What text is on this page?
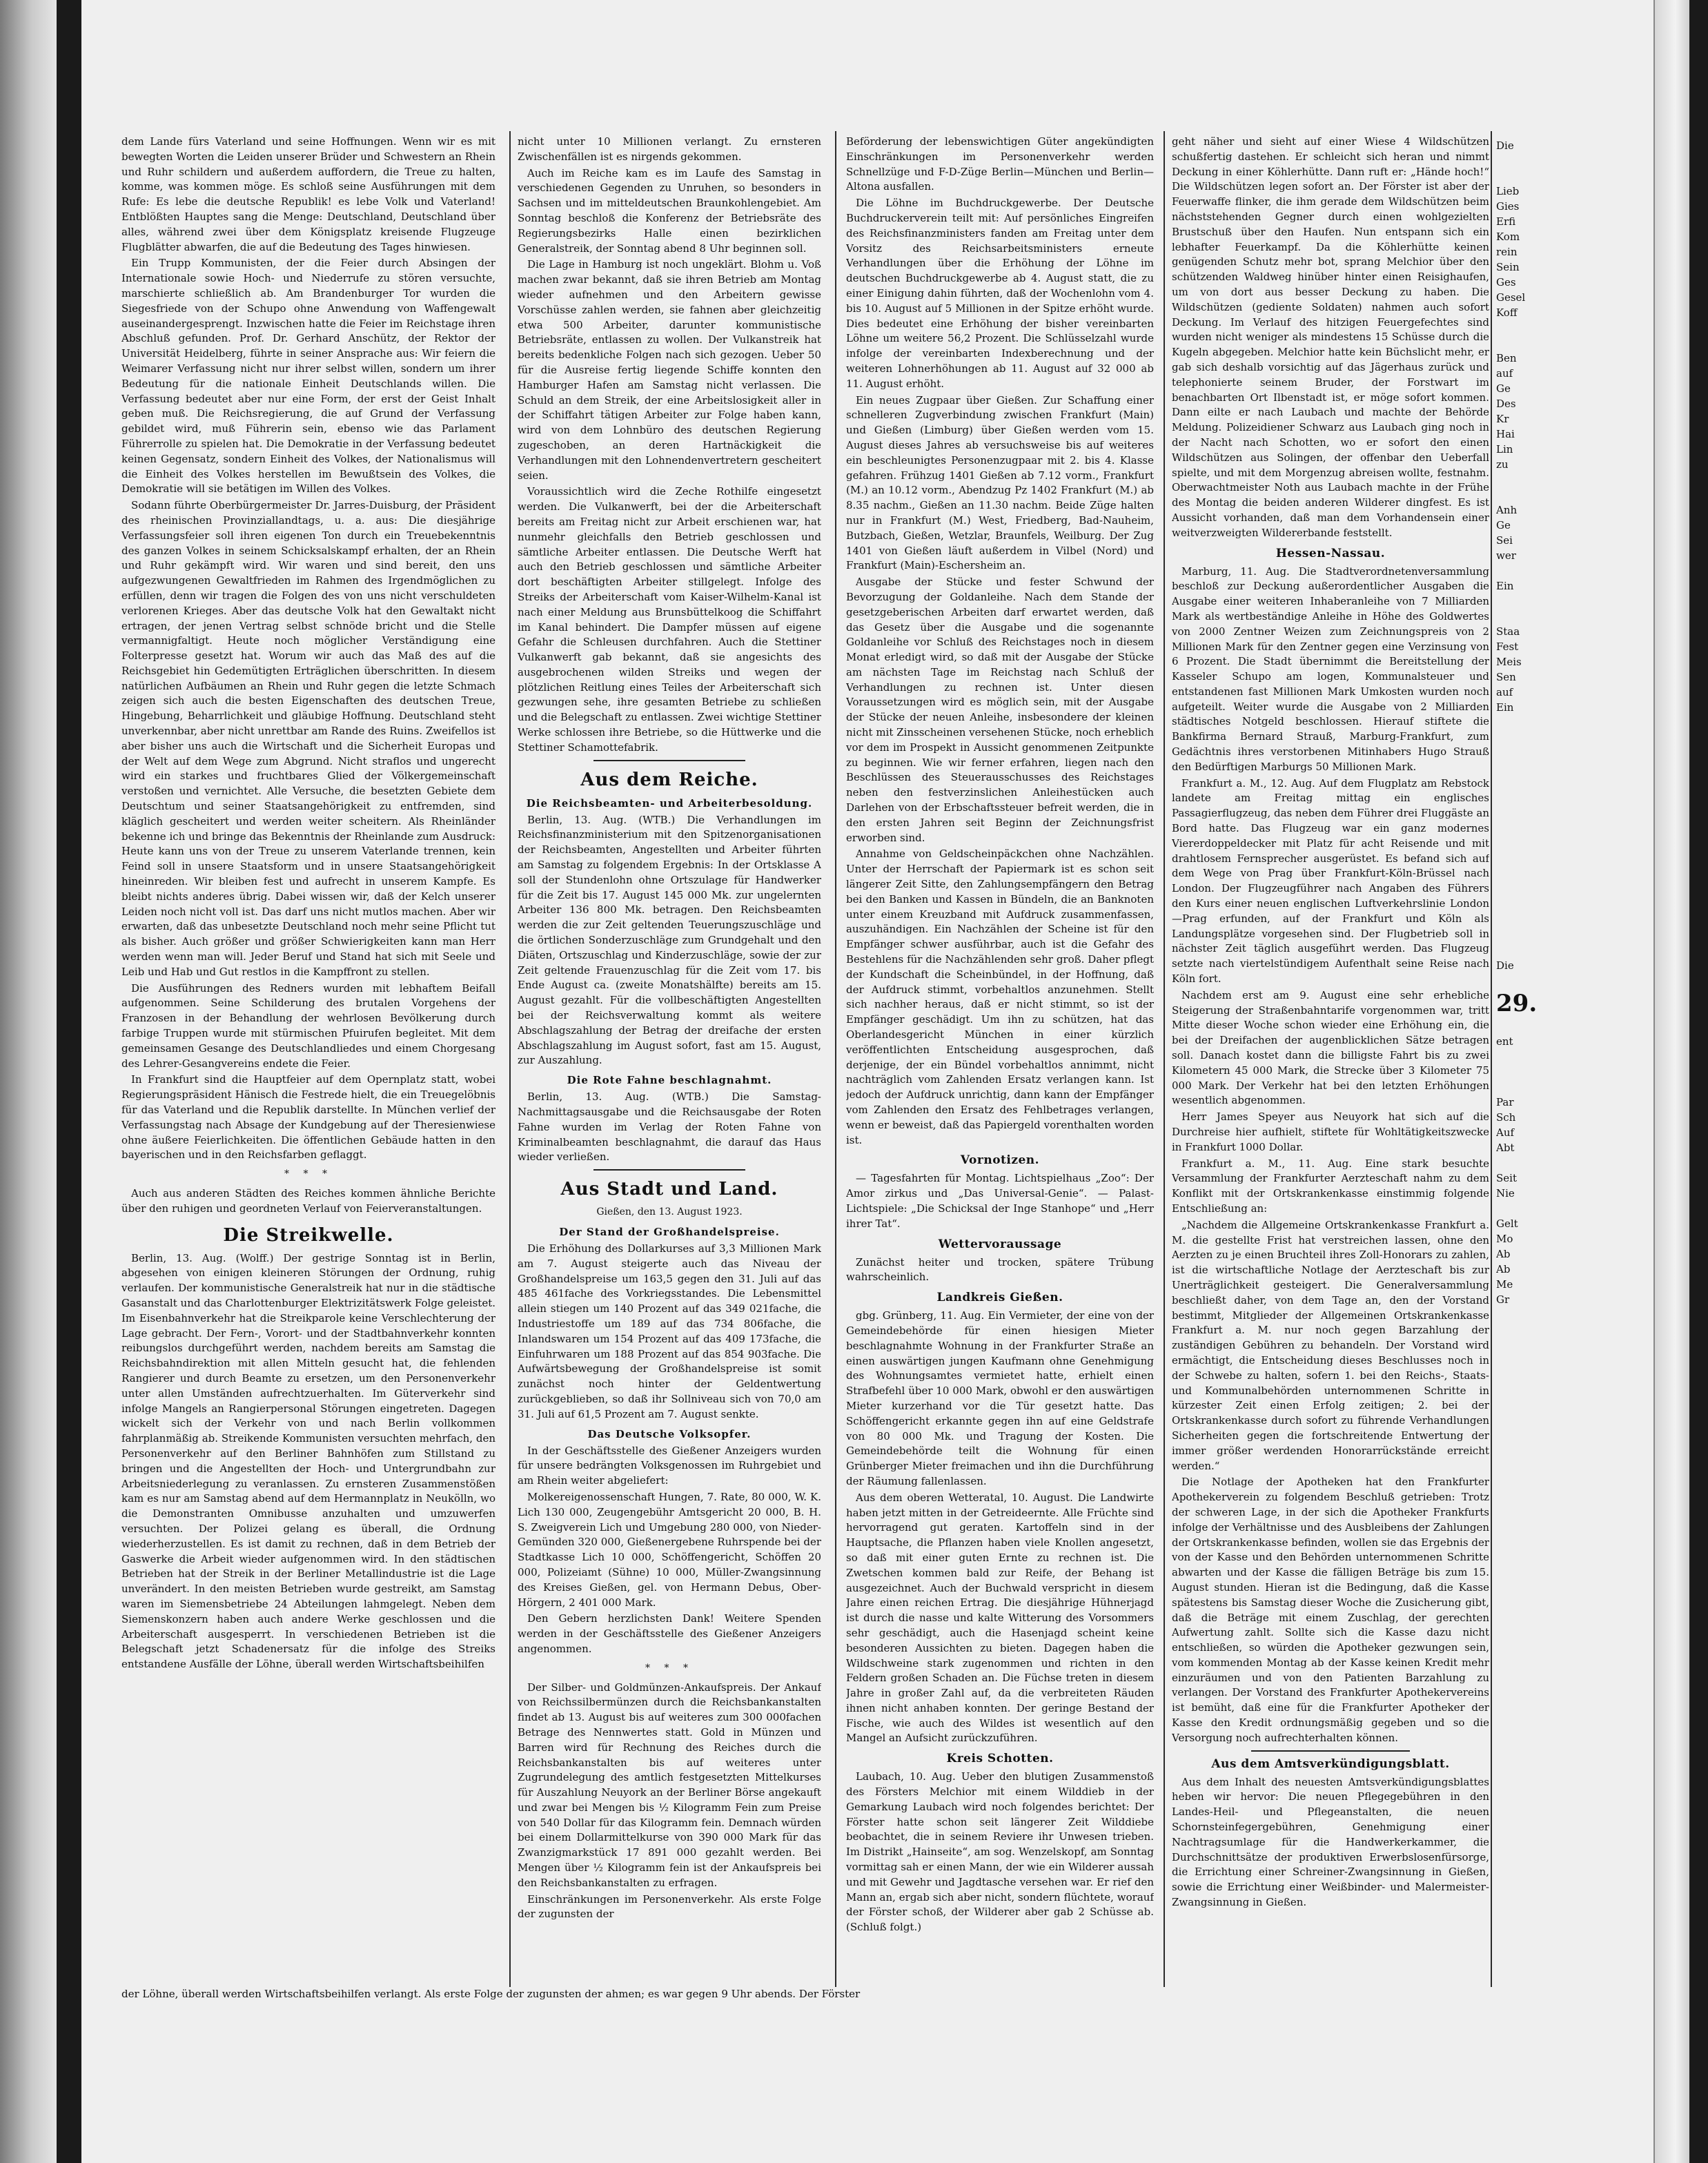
dem Lande fürs Vaterland und seine Hoffnungen. Wenn wir es mit bewegten Worten die Leiden unserer Brüder und Schwestern an Rhein und Ruhr schildern und außerdem auffordern, die Treue zu halten, komme, was kommen möge. Es schloß seine Ausführungen mit dem Rufe: Es lebe die deutsche Republik! es lebe Volk und Vaterland! Entblößten Hauptes sang die Menge: Deutschland, Deutschland über alles, während zwei über dem Königsplatz kreisende Flugzeuge Flugblätter abwarfen, die auf die Bedeutung des Tages hinwiesen.

Ein Trupp Kommunisten, der die Feier durch Absingen der Internationale sowie Hoch- und Niederrufe zu stören versuchte, marschierte schließlich ab. Am Brandenburger Tor wurden die Siegesfriede von der Schupo ohne Anwendung von Waffengewalt auseinandergesprengt. Inzwischen hatte die Feier im Reichstage ihren Abschluß gefunden. Prof. Dr. Gerhard Anschütz, der Rektor der Universität Heidelberg, führte in seiner Ansprache aus: Wir feiern die Weimarer Verfassung nicht nur ihrer selbst willen, sondern um ihrer Bedeutung für die nationale Einheit Deutschlands willen. Die Verfassung bedeutet aber nur eine Form, der erst der Geist Inhalt geben muß. Die Reichsregierung, die auf Grund der Verfassung gebildet wird, muß Führerin sein, ebenso wie das Parlament Führerrolle zu spielen hat. Die Demokratie in der Verfassung bedeutet keinen Gegensatz, sondern Einheit des Volkes, der Nationalismus will die Einheit des Volkes herstellen im Bewußtsein des Volkes, die Demokratie will sie betätigen im Willen des Volkes.

Sodann führte Oberbürgermeister Dr. Jarres-Duisburg, der Präsident des rheinischen Provinziallandtags, u. a. aus: Die diesjährige Verfassungsfeier soll ihren eigenen Ton durch ein Treuebekenntnis des ganzen Volkes in seinem Schicksalskampf erhalten, der an Rhein und Ruhr gekämpft wird. Wir waren und sind bereit, den uns aufgezwungenen Gewaltfrieden im Rahmen des Irgendmöglichen zu erfüllen, denn wir tragen die Folgen des von uns nicht verschuldeten verlorenen Krieges. Aber das deutsche Volk hat den Gewaltakt nicht ertragen, der jenen Vertrag selbst schnöde bricht und die Stelle vermannigfaltigt. Heute noch möglicher Verständigung eine Folterpresse gesetzt hat. Worum wir auch das Maß des auf die Reichsgebiet hin Gedemütigten Erträglichen überschritten. In diesem natürlichen Aufbäumen an Rhein und Ruhr gegen die letzte Schmach zeigen sich auch die besten Eigenschaften des deutschen Treue, Hingebung, Beharrlichkeit und gläubige Hoffnung. Deutschland steht unverkennbar, aber nicht unrettbar am Rande des Ruins. Zweifellos ist aber bisher uns auch die Wirtschaft und die Sicherheit Europas und der Welt auf dem Wege zum Abgrund. Nicht straflos und ungerecht wird ein starkes und fruchtbares Glied der Völkergemeinschaft verstoßen und vernichtet. Alle Versuche, die besetzten Gebiete dem Deutschtum und seiner Staatsangehörigkeit zu entfremden, sind kläglich gescheitert und werden weiter scheitern. Als Rheinländer bekenne ich und bringe das Bekenntnis der Rheinlande zum Ausdruck: Heute kann uns von der Treue zu unserem Vaterlande trennen, kein Feind soll in unsere Staatsform und in unsere Staatsangehörigkeit hineinreden. Wir bleiben fest und aufrecht in unserem Kampfe. Es bleibt nichts anderes übrig. Dabei wissen wir, daß der Kelch unserer Leiden noch nicht voll ist. Das darf uns nicht mutlos machen. Aber wir erwarten, daß das unbesetzte Deutschland noch mehr seine Pflicht tut als bisher. Auch größer und größer Schwierigkeiten kann man Herr werden wenn man will. Jeder Beruf und Stand hat sich mit Seele und Leib und Hab und Gut restlos in die Kampffront zu stellen.

Die Ausführungen des Redners wurden mit lebhaftem Beifall aufgenommen. Seine Schilderung des brutalen Vorgehens der Franzosen in der Behandlung der wehrlosen Bevölkerung durch farbige Truppen wurde mit stürmischen Pfuirufen begleitet. Mit dem gemeinsamen Gesange des Deutschlandliedes und einem Chorgesang des Lehrer-Gesangvereins endete die Feier.

In Frankfurt sind die Hauptfeier auf dem Opernplatz statt, wobei Regierungspräsident Hänisch die Festrede hielt, die ein Treuegelöbnis für das Vaterland und die Republik darstellte. In München verlief der Verfassungstag nach Absage der Kundgebung auf der Theresienwiese ohne äußere Feierlichkeiten. Die öffentlichen Gebäude hatten in den bayerischen und in den Reichsfarben geflaggt.

* * *

Auch aus anderen Städten des Reiches kommen ähnliche Berichte über den ruhigen und geordneten Verlauf von Feierveranstaltungen.

Die Streikwelle.

Berlin, 13. Aug. (Wolff.) Der gestrige Sonntag ist in Berlin, abgesehen von einigen kleineren Störungen der Ordnung, ruhig verlaufen. Der kommunistische Generalstreik hat nur in die städtische Gasanstalt und das Charlottenburger Elektrizitätswerk Folge geleistet. Im Eisenbahnverkehr hat die Streikparole keine Verschlechterung der Lage gebracht. Der Fern-, Vorort- und der Stadtbahnverkehr konnten reibungslos durchgeführt werden, nachdem bereits am Samstag die Reichsbahndirektion mit allen Mitteln gesucht hat, die fehlenden Rangierer und durch Beamte zu ersetzen, um den Personenverkehr unter allen Umständen aufrechtzuerhalten. Im Güterverkehr sind infolge Mangels an Rangierpersonal Störungen eingetreten. Dagegen wickelt sich der Verkehr von und nach Berlin vollkommen fahrplanmäßig ab. Streikende Kommunisten versuchten mehrfach, den Personenverkehr auf den Berliner Bahnhöfen zum Stillstand zu bringen und die Angestellten der Hoch- und Untergrundbahn zur Arbeitsniederlegung zu veranlassen. Zu ernsteren Zusammenstößen kam es nur am Samstag abend auf dem Hermannplatz in Neukölln, wo die Demonstranten Omnibusse anzuhalten und umzuwerfen versuchten. Der Polizei gelang es überall, die Ordnung wiederherzustellen. Es ist damit zu rechnen, daß in dem Betrieb der Gaswerke die Arbeit wieder aufgenommen wird. In den städtischen Betrieben hat der Streik in der Berliner Metallindustrie ist die Lage unverändert. In den meisten Betrieben wurde gestreikt, am Samstag waren im Siemensbetriebe 24 Abteilungen lahmgelegt. Neben dem Siemenskonzern haben auch andere Werke geschlossen und die Arbeiterschaft ausgesperrt. In verschiedenen Betrieben ist die Belegschaft jetzt Schadenersatz für die infolge des Streiks entstandene Ausfälle der Löhne, überall werden Wirtschaftsbeihilfen

nicht unter 10 Millionen verlangt. Zu ernsteren Zwischenfällen ist es nirgends gekommen.

Auch im Reiche kam es im Laufe des Samstag in verschiedenen Gegenden zu Unruhen, so besonders in Sachsen und im mitteldeutschen Braunkohlengebiet. Am Sonntag beschloß die Konferenz der Betriebsräte des Regierungsbezirks Halle einen bezirklichen Generalstreik, der Sonntag abend 8 Uhr beginnen soll.

Die Lage in Hamburg ist noch ungeklärt. Blohm u. Voß machen zwar bekannt, daß sie ihren Betrieb am Montag wieder aufnehmen und den Arbeitern gewisse Vorschüsse zahlen werden, sie fahnen aber gleichzeitig etwa 500 Arbeiter, darunter kommunistische Betriebsräte, entlassen zu wollen. Der Vulkanstreik hat bereits bedenkliche Folgen nach sich gezogen. Ueber 50 für die Ausreise fertig liegende Schiffe konnten den Hamburger Hafen am Samstag nicht verlassen. Die Schuld an dem Streik, der eine Arbeitslosigkeit aller in der Schiffahrt tätigen Arbeiter zur Folge haben kann, wird von dem Lohnbüro des deutschen Regierung zugeschoben, an deren Hartnäckigkeit die Verhandlungen mit den Lohnendenvertretern gescheitert seien.

Voraussichtlich wird die Zeche Rothilfe eingesetzt werden. Die Vulkanwerft, bei der die Arbeiterschaft bereits am Freitag nicht zur Arbeit erschienen war, hat nunmehr gleichfalls den Betrieb geschlossen und sämtliche Arbeiter entlassen. Die Deutsche Werft hat auch den Betrieb geschlossen und sämtliche Arbeiter dort beschäftigten Arbeiter stillgelegt. Infolge des Streiks der Arbeiterschaft vom Kaiser-Wilhelm-Kanal ist nach einer Meldung aus Brunsbüttelkoog die Schiffahrt im Kanal behindert. Die Dampfer müssen auf eigene Gefahr die Schleusen durchfahren. Auch die Stettiner Vulkanwerft gab bekannt, daß sie angesichts des ausgebrochenen wilden Streiks und wegen der plötzlichen Reitlung eines Teiles der Arbeiterschaft sich gezwungen sehe, ihre gesamten Betriebe zu schließen und die Belegschaft zu entlassen. Zwei wichtige Stettiner Werke schlossen ihre Betriebe, so die Hüttwerke und die Stettiner Schamottefabrik.

Aus dem Reiche.
Die Reichsbeamten- und Arbeiterbesoldung.

Berlin, 13. Aug. (WTB.) Die Verhandlungen im Reichsfinanzministerium mit den Spitzenorganisationen der Reichsbeamten, Angestellten und Arbeiter führten am Samstag zu folgendem Ergebnis: In der Ortsklasse A soll der Stundenlohn ohne Ortszulage für Handwerker für die Zeit bis 17. August 145 000 Mk. zur ungelernten Arbeiter 136 800 Mk. betragen. Den Reichsbeamten werden die zur Zeit geltenden Teuerungszuschläge und die örtlichen Sonderzuschläge zum Grundgehalt und den Diäten, Ortszuschlag und Kinderzuschläge, sowie der zur Zeit geltende Frauenzuschlag für die Zeit vom 17. bis Ende August ca. (zweite Monatshälfte) bereits am 15. August gezahlt. Für die vollbeschäftigten Angestellten bei der Reichsverwaltung kommt als weitere Abschlagszahlung der Betrag der dreifache der ersten Abschlagszahlung im August sofort, fast am 15. August, zur Auszahlung.

Die Rote Fahne beschlagnahmt.

Berlin, 13. Aug. (WTB.) Die Samstag-Nachmittagsausgabe und die Reichsausgabe der Roten Fahne wurden im Verlag der Roten Fahne von Kriminalbeamten beschlagnahmt, die darauf das Haus wieder verließen.

Aus Stadt und Land.
Gießen, den 13. August 1923.
Der Stand der Großhandelspreise.

Die Erhöhung des Dollarkurses auf 3,3 Millionen Mark am 7. August steigerte auch das Niveau der Großhandelspreise um 163,5 gegen den 31. Juli auf das 485 461fache des Vorkriegsstandes. Die Lebensmittel allein stiegen um 140 Prozent auf das 349 021fache, die Industriestoffe um 189 auf das 734 806fache, die Inlandswaren um 154 Prozent auf das 409 173fache, die Einfuhrwaren um 188 Prozent auf das 854 903fache. Die Aufwärtsbewegung der Großhandelspreise ist somit zunächst noch hinter der Geldentwertung zurückgeblieben, so daß ihr Sollniveau sich von 70,0 am 31. Juli auf 61,5 Prozent am 7. August senkte.

Das Deutsche Volksopfer.

In der Geschäftsstelle des Gießener Anzeigers wurden für unsere bedrängten Volksgenossen im Ruhrgebiet und am Rhein weiter abgeliefert:

Molkereigenossenschaft Hungen, 7. Rate, 80 000, W. K. Lich 130 000, Zeugengebühr Amtsgericht 20 000, B. H. S. Zweigverein Lich und Umgebung 280 000, von Nieder-Gemünden 320 000, Gießenergebene Ruhrspende bei der Stadtkasse Lich 10 000, Schöffengericht, Schöffen 20 000, Polizeiamt (Sühne) 10 000, Müller-Zwangsinnung des Kreises Gießen, gel. von Hermann Debus, Ober-Hörgern, 2 401 000 Mark.

Den Gebern herzlichsten Dank! Weitere Spenden werden in der Geschäftsstelle des Gießener Anzeigers angenommen.

* * *

Der Silber- und Goldmünzen-Ankaufspreis. Der Ankauf von Reichssilbermünzen durch die Reichsbankanstalten findet ab 13. August bis auf weiteres zum 300 000fachen Betrage des Nennwertes statt. Gold in Münzen und Barren wird für Rechnung des Reiches durch die Reichsbankanstalten bis auf weiteres unter Zugrundelegung des amtlich festgesetzten Mittelkurses für Auszahlung Neuyork an der Berliner Börse angekauft und zwar bei Mengen bis ½ Kilogramm Fein zum Preise von 540 Dollar für das Kilogramm fein. Demnach würden bei einem Dollarmittelkurse von 390 000 Mark für das Zwanzigmarkstück 17 891 000 gezahlt werden. Bei Mengen über ½ Kilogramm fein ist der Ankaufspreis bei den Reichsbankanstalten zu erfragen.

Einschränkungen im Personenverkehr. Als erste Folge der zugunsten der

Beförderung der lebenswichtigen Güter angekündigten Einschränkungen im Personenverkehr werden Schnellzüge und F-D-Züge Berlin—München und Berlin—Altona ausfallen.

Die Löhne im Buchdruckgewerbe. Der Deutsche Buchdruckerverein teilt mit: Auf persönliches Eingreifen des Reichsfinanzministers fanden am Freitag unter dem Vorsitz des Reichsarbeitsministers erneute Verhandlungen über die Erhöhung der Löhne im deutschen Buchdruckgewerbe ab 4. August statt, die zu einer Einigung dahin führten, daß der Wochenlohn vom 4. bis 10. August auf 5 Millionen in der Spitze erhöht wurde. Dies bedeutet eine Erhöhung der bisher vereinbarten Löhne um weitere 56,2 Prozent. Die Schlüsselzahl wurde infolge der vereinbarten Indexberechnung und der weiteren Lohnerhöhungen ab 11. August auf 32 000 ab 11. August erhöht.

Ein neues Zugpaar über Gießen. Zur Schaffung einer schnelleren Zugverbindung zwischen Frankfurt (Main) und Gießen (Limburg) über Gießen werden vom 15. August dieses Jahres ab versuchsweise bis auf weiteres ein beschleunigtes Personenzugpaar mit 2. bis 4. Klasse gefahren. Frühzug 1401 Gießen ab 7.12 vorm., Frankfurt (M.) an 10.12 vorm., Abendzug Pz 1402 Frankfurt (M.) ab 8.35 nachm., Gießen an 11.30 nachm. Beide Züge halten nur in Frankfurt (M.) West, Friedberg, Bad-Nauheim, Butzbach, Gießen, Wetzlar, Braunfels, Weilburg. Der Zug 1401 von Gießen läuft außerdem in Vilbel (Nord) und Frankfurt (Main)-Eschersheim an.

Ausgabe der Stücke und fester Schwund der Bevorzugung der Goldanleihe. Nach dem Stande der gesetzgeberischen Arbeiten darf erwartet werden, daß das Gesetz über die Ausgabe und die sogenannte Goldanleihe vor Schluß des Reichstages noch in diesem Monat erledigt wird, so daß mit der Ausgabe der Stücke am nächsten Tage im Reichstag nach Schluß der Verhandlungen zu rechnen ist. Unter diesen Voraussetzungen wird es möglich sein, mit der Ausgabe der Stücke der neuen Anleihe, insbesondere der kleinen nicht mit Zinsscheinen versehenen Stücke, noch erheblich vor dem im Prospekt in Aussicht genommenen Zeitpunkte zu beginnen. Wie wir ferner erfahren, liegen nach den Beschlüssen des Steuerausschusses des Reichstages neben den festverzinslichen Anleihestücken auch Darlehen von der Erbschaftssteuer befreit werden, die in den ersten Jahren seit Beginn der Zeichnungsfrist erworben sind.

Annahme von Geldscheinpäckchen ohne Nachzählen. Unter der Herrschaft der Papiermark ist es schon seit längerer Zeit Sitte, den Zahlungsempfängern den Betrag bei den Banken und Kassen in Bündeln, die an Banknoten unter einem Kreuzband mit Aufdruck zusammenfassen, auszuhändigen. Ein Nachzählen der Scheine ist für den Empfänger schwer ausführbar, auch ist die Gefahr des Bestehlens für die Nachzählenden sehr groß. Daher pflegt der Kundschaft die Scheinbündel, in der Hoffnung, daß der Aufdruck stimmt, vorbehaltlos anzunehmen. Stellt sich nachher heraus, daß er nicht stimmt, so ist der Empfänger geschädigt. Um ihn zu schützen, hat das Oberlandesgericht München in einer kürzlich veröffentlichten Entscheidung ausgesprochen, daß derjenige, der ein Bündel vorbehaltlos annimmt, nicht nachträglich vom Zahlenden Ersatz verlangen kann. Ist jedoch der Aufdruck unrichtig, dann kann der Empfänger vom Zahlenden den Ersatz des Fehlbetrages verlangen, wenn er beweist, daß das Papiergeld vorenthalten worden ist.

Vornotizen.

— Tagesfahrten für Montag. Lichtspielhaus „Zoo“: Der Amor zirkus und „Das Universal-Genie“. — Palast-Lichtspiele: „Die Schicksal der Inge Stanhope“ und „Herr ihrer Tat“.

Wettervoraussage

Zunächst heiter und trocken, spätere Trübung wahrscheinlich.

Landkreis Gießen.

gbg. Grünberg, 11. Aug. Ein Vermieter, der eine von der Gemeindebehörde für einen hiesigen Mieter beschlagnahmte Wohnung in der Frankfurter Straße an einen auswärtigen jungen Kaufmann ohne Genehmigung des Wohnungsamtes vermietet hatte, erhielt einen Strafbefehl über 10 000 Mark, obwohl er den auswärtigen Mieter kurzerhand vor die Tür gesetzt hatte. Das Schöffengericht erkannte gegen ihn auf eine Geldstrafe von 80 000 Mk. und Tragung der Kosten. Die Gemeindebehörde teilt die Wohnung für einen Grünberger Mieter freimachen und ihn die Durchführung der Räumung fallenlassen.

Aus dem oberen Wetteratal, 10. August. Die Landwirte haben jetzt mitten in der Getreideernte. Alle Früchte sind hervorragend gut geraten. Kartoffeln sind in der Hauptsache, die Pflanzen haben viele Knollen angesetzt, so daß mit einer guten Ernte zu rechnen ist. Die Zwetschen kommen bald zur Reife, der Behang ist ausgezeichnet. Auch der Buchwald verspricht in diesem Jahre einen reichen Ertrag. Die diesjährige Hühnerjagd ist durch die nasse und kalte Witterung des Vorsommers sehr geschädigt, auch die Hasenjagd scheint keine besonderen Aussichten zu bieten. Dagegen haben die Wildschweine stark zugenommen und richten in den Feldern großen Schaden an. Die Füchse treten in diesem Jahre in großer Zahl auf, da die verbreiteten Räuden ihnen nicht anhaben konnten. Der geringe Bestand der Fische, wie auch des Wildes ist wesentlich auf den Mangel an Aufsicht zurückzuführen.

Kreis Schotten.

Laubach, 10. Aug. Ueber den blutigen Zusammenstoß des Försters Melchior mit einem Wilddieb in der Gemarkung Laubach wird noch folgendes berichtet: Der Förster hatte schon seit längerer Zeit Wilddiebe beobachtet, die in seinem Reviere ihr Unwesen trieben. Im Distrikt „Hainseite“, am sog. Wenzelskopf, am Sonntag vormittag sah er einen Mann, der wie ein Wilderer aussah und mit Gewehr und Jagdtasche versehen war. Er rief den Mann an, ergab sich aber nicht, sondern flüchtete, worauf der Förster schoß, der Wilderer aber gab 2 Schüsse ab. (Schluß folgt.)

geht näher und sieht auf einer Wiese 4 Wildschützen schußfertig dastehen. Er schleicht sich heran und nimmt Deckung in einer Köhlerhütte. Dann ruft er: „Hände hoch!“ Die Wildschützen legen sofort an. Der Förster ist aber der Feuerwaffe flinker, die ihm gerade dem Wildschützen beim nächststehenden Gegner durch einen wohlgezielten Brustschuß über den Haufen. Nun entspann sich ein lebhafter Feuerkampf. Da die Köhlerhütte keinen genügenden Schutz mehr bot, sprang Melchior über den schützenden Waldweg hinüber hinter einen Reisighaufen, um von dort aus besser Deckung zu haben. Die Wildschützen (gediente Soldaten) nahmen auch sofort Deckung. Im Verlauf des hitzigen Feuergefechtes sind wurden nicht weniger als mindestens 15 Schüsse durch die Kugeln abgegeben. Melchior hatte kein Büchslicht mehr, er gab sich deshalb vorsichtig auf das Jägerhaus zurück und telephonierte seinem Bruder, der Forstwart im benachbarten Ort Ilbenstadt ist, er möge sofort kommen. Dann eilte er nach Laubach und machte der Behörde Meldung. Polizeidiener Schwarz aus Laubach ging noch in der Nacht nach Schotten, wo er sofort den einen Wildschützen aus Solingen, der offenbar den Ueberfall spielte, und mit dem Morgenzug abreisen wollte, festnahm. Oberwachtmeister Noth aus Laubach machte in der Frühe des Montag die beiden anderen Wilderer dingfest. Es ist Aussicht vorhanden, daß man dem Vorhandensein einer weitverzweigten Wildererbande feststellt.

Hessen-Nassau.

Marburg, 11. Aug. Die Stadtverordnetenversammlung beschloß zur Deckung außerordentlicher Ausgaben die Ausgabe einer weiteren Inhaberanleihe von 7 Milliarden Mark als wertbeständige Anleihe in Höhe des Goldwertes von 2000 Zentner Weizen zum Zeichnungspreis von 2 Millionen Mark für den Zentner gegen eine Verzinsung von 6 Prozent. Die Stadt übernimmt die Bereitstellung der Kasseler Schupo am logen, Kommunalsteuer und entstandenen fast Millionen Mark Umkosten wurden noch aufgeteilt. Weiter wurde die Ausgabe von 2 Milliarden städtisches Notgeld beschlossen. Hierauf stiftete die Bankfirma Bernard Strauß, Marburg-Frankfurt, zum Gedächtnis ihres verstorbenen Mitinhabers Hugo Strauß den Bedürftigen Marburgs 50 Millionen Mark.

Frankfurt a. M., 12. Aug. Auf dem Flugplatz am Rebstock landete am Freitag mittag ein englisches Passagierflugzeug, das neben dem Führer drei Fluggäste an Bord hatte. Das Flugzeug war ein ganz modernes Viererdoppeldecker mit Platz für acht Reisende und mit drahtlosem Fernsprecher ausgerüstet. Es befand sich auf dem Wege von Prag über Frankfurt-Köln-Brüssel nach London. Der Flugzeugführer nach Angaben des Führers den Kurs einer neuen englischen Luftverkehrslinie London—Prag erfunden, auf der Frankfurt und Köln als Landungsplätze vorgesehen sind. Der Flugbetrieb soll in nächster Zeit täglich ausgeführt werden. Das Flugzeug setzte nach viertelstündigem Aufenthalt seine Reise nach Köln fort.

Nachdem erst am 9. August eine sehr erhebliche Steigerung der Straßenbahntarife vorgenommen war, tritt Mitte dieser Woche schon wieder eine Erhöhung ein, die bei der Dreifachen der augenblicklichen Sätze betragen soll. Danach kostet dann die billigste Fahrt bis zu zwei Kilometern 45 000 Mark, die Strecke über 3 Kilometer 75 000 Mark. Der Verkehr hat bei den letzten Erhöhungen wesentlich abgenommen.

Herr James Speyer aus Neuyork hat sich auf die Durchreise hier aufhielt, stiftete für Wohltätigkeitszwecke in Frankfurt 1000 Dollar.

Frankfurt a. M., 11. Aug. Eine stark besuchte Versammlung der Frankfurter Aerzteschaft nahm zu dem Konflikt mit der Ortskrankenkasse einstimmig folgende Entschließung an:

„Nachdem die Allgemeine Ortskrankenkasse Frankfurt a. M. die gestellte Frist hat verstreichen lassen, ohne den Aerzten zu je einen Bruchteil ihres Zoll-Honorars zu zahlen, ist die wirtschaftliche Notlage der Aerzteschaft bis zur Unerträglichkeit gesteigert. Die Generalversammlung beschließt daher, von dem Tage an, den der Vorstand bestimmt, Mitglieder der Allgemeinen Ortskrankenkasse Frankfurt a. M. nur noch gegen Barzahlung der zuständigen Gebühren zu behandeln. Der Vorstand wird ermächtigt, die Entscheidung dieses Beschlusses noch in der Schwebe zu halten, sofern 1. bei den Reichs-, Staats- und Kommunalbehörden unternommenen Schritte in kürzester Zeit einen Erfolg zeitigen; 2. bei der Ortskrankenkasse durch sofort zu führende Verhandlungen Sicherheiten gegen die fortschreitende Entwertung der immer größer werdenden Honorarrückstände erreicht werden.“

Die Notlage der Apotheken hat den Frankfurter Apothekerverein zu folgendem Beschluß getrieben: Trotz der schweren Lage, in der sich die Apotheker Frankfurts infolge der Verhältnisse und des Ausbleibens der Zahlungen der Ortskrankenkasse befinden, wollen sie das Ergebnis der von der Kasse und den Behörden unternommenen Schritte abwarten und der Kasse die fälligen Beträge bis zum 15. August stunden. Hieran ist die Bedingung, daß die Kasse spätestens bis Samstag dieser Woche die Zusicherung gibt, daß die Beträge mit einem Zuschlag, der gerechten Aufwertung zahlt. Sollte sich die Kasse dazu nicht entschließen, so würden die Apotheker gezwungen sein, vom kommenden Montag ab der Kasse keinen Kredit mehr einzuräumen und von den Patienten Barzahlung zu verlangen. Der Vorstand des Frankfurter Apothekervereins ist bemüht, daß eine für die Frankfurter Apotheker der Kasse den Kredit ordnungsmäßig gegeben und so die Versorgung noch aufrechterhalten können.

Aus dem Amtsverkündigungsblatt.

Aus dem Inhalt des neuesten Amtsverkündigungsblattes heben wir hervor: Die neuen Pflegegebühren in den Landes-Heil- und Pflegeanstalten, die neuen Schornsteinfegergebühren, Genehmigung einer Nachtragsumlage für die Handwerkerkammer, die Durchschnittsätze der produktiven Erwerbslosenfürsorge, die Errichtung einer Schreiner-Zwangsinnung in Gießen, sowie die Errichtung einer Weißbinder- und Malermeister-Zwangsinnung in Gießen.

Die

Lieb

Gies

Erfi

Kom

rein

Sein

Ges

Gesel

Koff

Ben

auf

Ge

Des

Kr

Hai

Lin

zu

Anh

Ge

Sei

wer

Ein

Staa

Fest

Meis

Sen

auf

Ein

Die

29.

ent

Par

Sch

Auf

Abt

Seit

Nie

Gelt

Mo

Ab

Ab

Me

Gr

der Löhne, überall werden Wirtschaftsbeihilfen verlangt. Als erste Folge der zugunsten der ahmen; es war gegen 9 Uhr abends. Der Förster
